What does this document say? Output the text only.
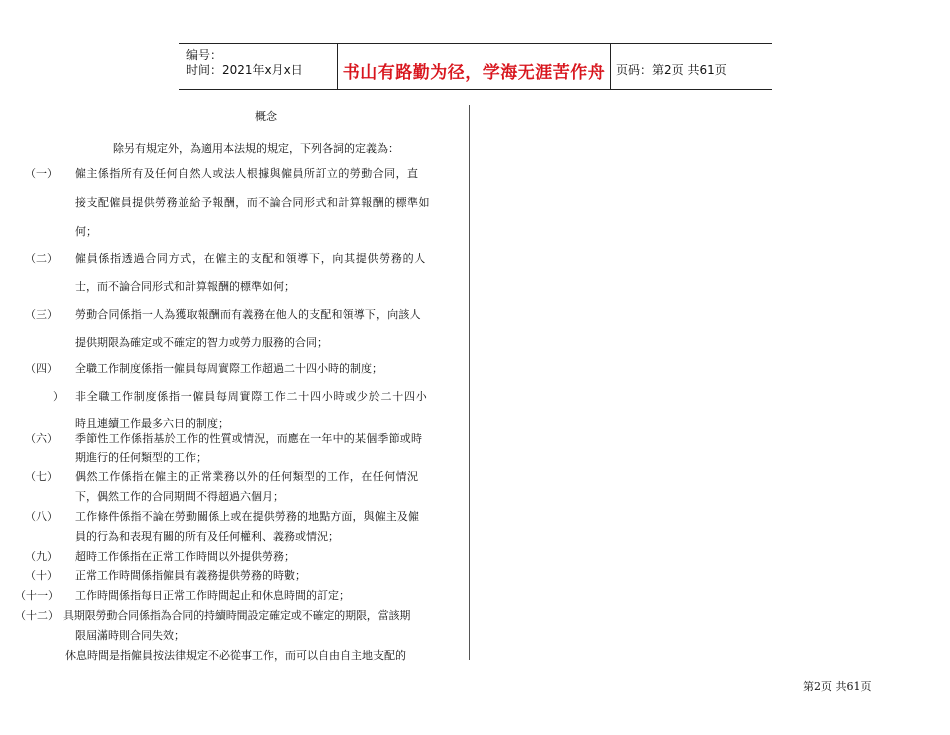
编号：
时间：2021年x月x日 书山有路勤为径，学海无涯苦作舟 页码：第2页 共61页
概念
除另有規定外，為適用本法規的規定，下列各詞的定義為：
（一） 僱主係指所有及任何自然人或法人根據與僱員所訂立的勞動合同，直
接支配僱員提供勞務並給予報酬，而不論合同形式和計算報酬的標準如
何；
（二） 僱員係指透過合同方式，在僱主的支配和領導下，向其提供勞務的人
士，而不論合同形式和計算報酬的標準如何；
（三） 勞動合同係指一人為獲取報酬而有義務在他人的支配和領導下，向該人
提供期限為確定或不確定的智力或勞力服務的合同；
（四） 全職工作制度係指一僱員每周實際工作超過二十四小時的制度；
） 非全職工作制度係指一僱員每周實際工作二十四小時或少於二十四小
時且連續工作最多六日的制度；
（六） 季節性工作係指基於工作的性質或情況，而應在一年中的某個季節或時
期進行的任何類型的工作；
（七） 偶然工作係指在僱主的正常業務以外的任何類型的工作，在任何情況
下，偶然工作的合同期間不得超過六個月；
（八） 工作條件係指不論在勞動關係上或在提供勞務的地點方面，與僱主及僱
員的行為和表現有關的所有及任何權利、義務或情況；
（九） 超時工作係指在正常工作時間以外提供勞務；
（十） 正常工作時間係指僱員有義務提供勞務的時數；
（十一） 工作時間係指每日正常工作時間起止和休息時間的訂定；
（十二） 具期限勞動合同係指為合同的持續時間設定確定或不確定的期限，當該期
限屆滿時則合同失效；
休息時間是指僱員按法律規定不必從事工作，而可以自由自主地支配的
第2页 共61页
